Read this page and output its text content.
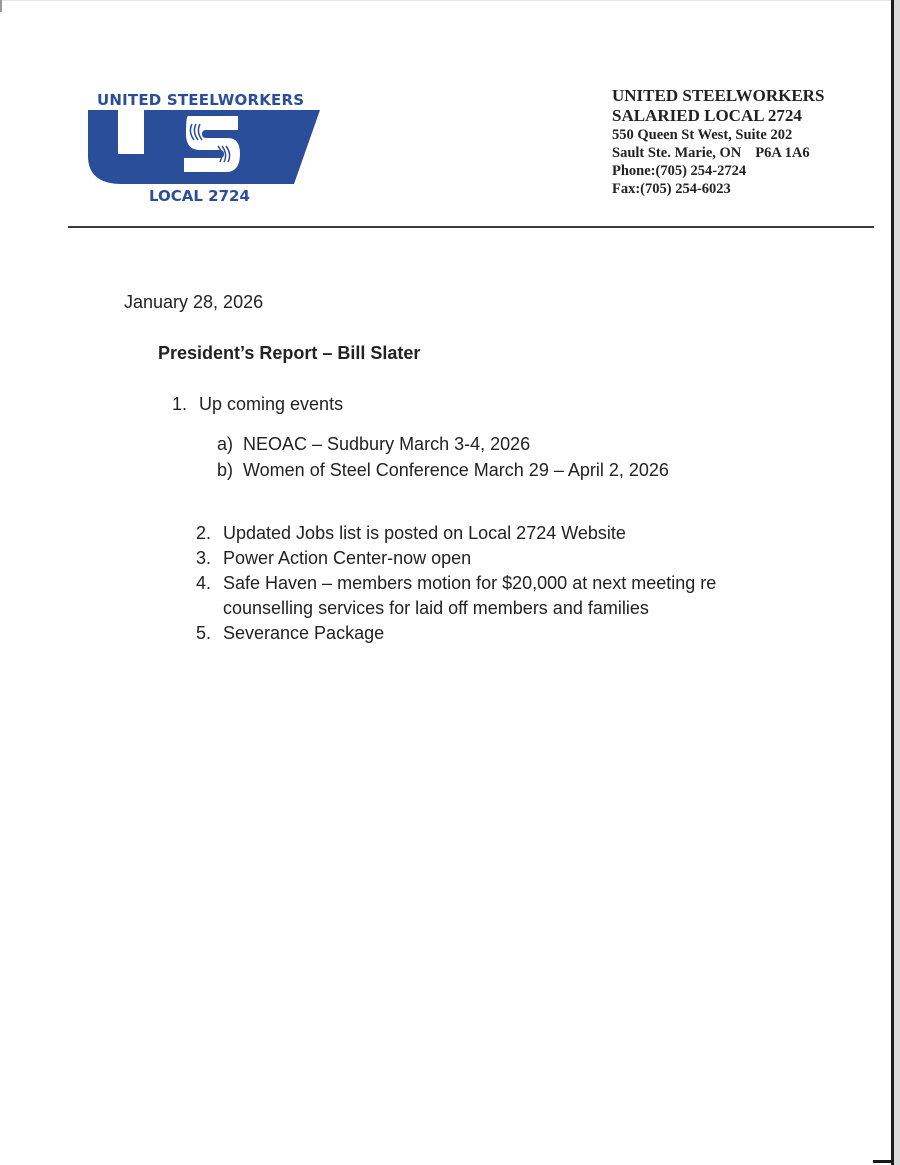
UNITED STEELWORKERS
LOCAL 2724
UNITED STEELWORKERS
SALARIED LOCAL 2724
550 Queen St West, Suite 202
Sault Ste. Marie, ON P6A 1A6
Phone:(705) 254-2724
Fax:(705) 254-6023
January 28, 2026
President’s Report – Bill Slater
1. Up coming events
a) NEOAC – Sudbury March 3-4, 2026
b) Women of Steel Conference March 29 – April 2, 2026
2. Updated Jobs list is posted on Local 2724 Website
3. Power Action Center-now open
4. Safe Haven – members motion for $20,000 at next meeting re
counselling services for laid off members and families
5. Severance Package
